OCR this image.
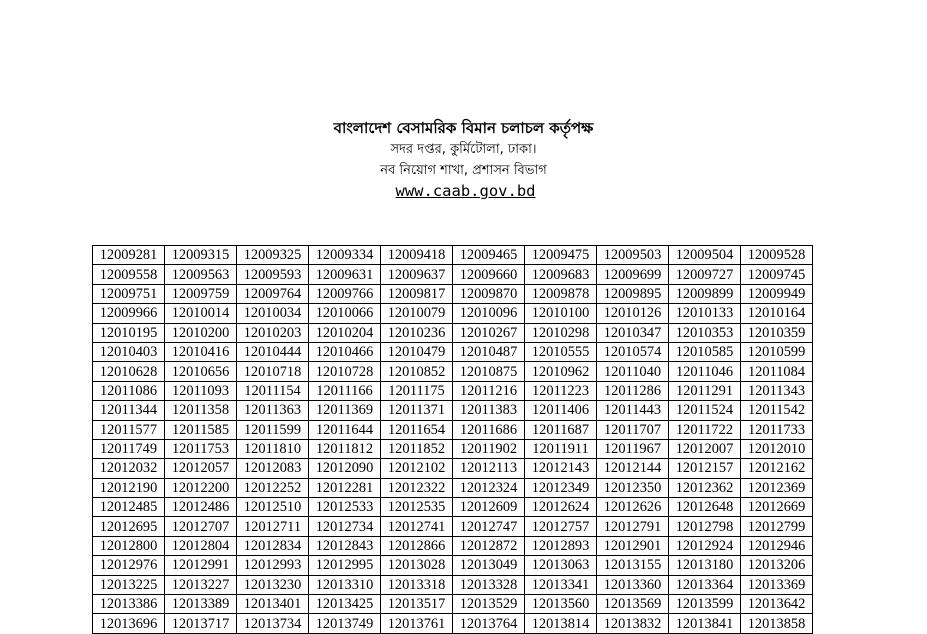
বাংলাদেশ বেসামরিক বিমান চলাচল কর্তৃপক্ষ
সদর দপ্তর, কুর্মিটোলা, ঢাকা।
নব নিয়োগ শাখা, প্রশাসন বিভাগ
www.caab.gov.bd
12009281	12009315	12009325	12009334	12009418	12009465	12009475	12009503	12009504	12009528
12009558	12009563	12009593	12009631	12009637	12009660	12009683	12009699	12009727	12009745
12009751	12009759	12009764	12009766	12009817	12009870	12009878	12009895	12009899	12009949
12009966	12010014	12010034	12010066	12010079	12010096	12010100	12010126	12010133	12010164
12010195	12010200	12010203	12010204	12010236	12010267	12010298	12010347	12010353	12010359
12010403	12010416	12010444	12010466	12010479	12010487	12010555	12010574	12010585	12010599
12010628	12010656	12010718	12010728	12010852	12010875	12010962	12011040	12011046	12011084
12011086	12011093	12011154	12011166	12011175	12011216	12011223	12011286	12011291	12011343
12011344	12011358	12011363	12011369	12011371	12011383	12011406	12011443	12011524	12011542
12011577	12011585	12011599	12011644	12011654	12011686	12011687	12011707	12011722	12011733
12011749	12011753	12011810	12011812	12011852	12011902	12011911	12011967	12012007	12012010
12012032	12012057	12012083	12012090	12012102	12012113	12012143	12012144	12012157	12012162
12012190	12012200	12012252	12012281	12012322	12012324	12012349	12012350	12012362	12012369
12012485	12012486	12012510	12012533	12012535	12012609	12012624	12012626	12012648	12012669
12012695	12012707	12012711	12012734	12012741	12012747	12012757	12012791	12012798	12012799
12012800	12012804	12012834	12012843	12012866	12012872	12012893	12012901	12012924	12012946
12012976	12012991	12012993	12012995	12013028	12013049	12013063	12013155	12013180	12013206
12013225	12013227	12013230	12013310	12013318	12013328	12013341	12013360	12013364	12013369
12013386	12013389	12013401	12013425	12013517	12013529	12013560	12013569	12013599	12013642
12013696	12013717	12013734	12013749	12013761	12013764	12013814	12013832	12013841	12013858
